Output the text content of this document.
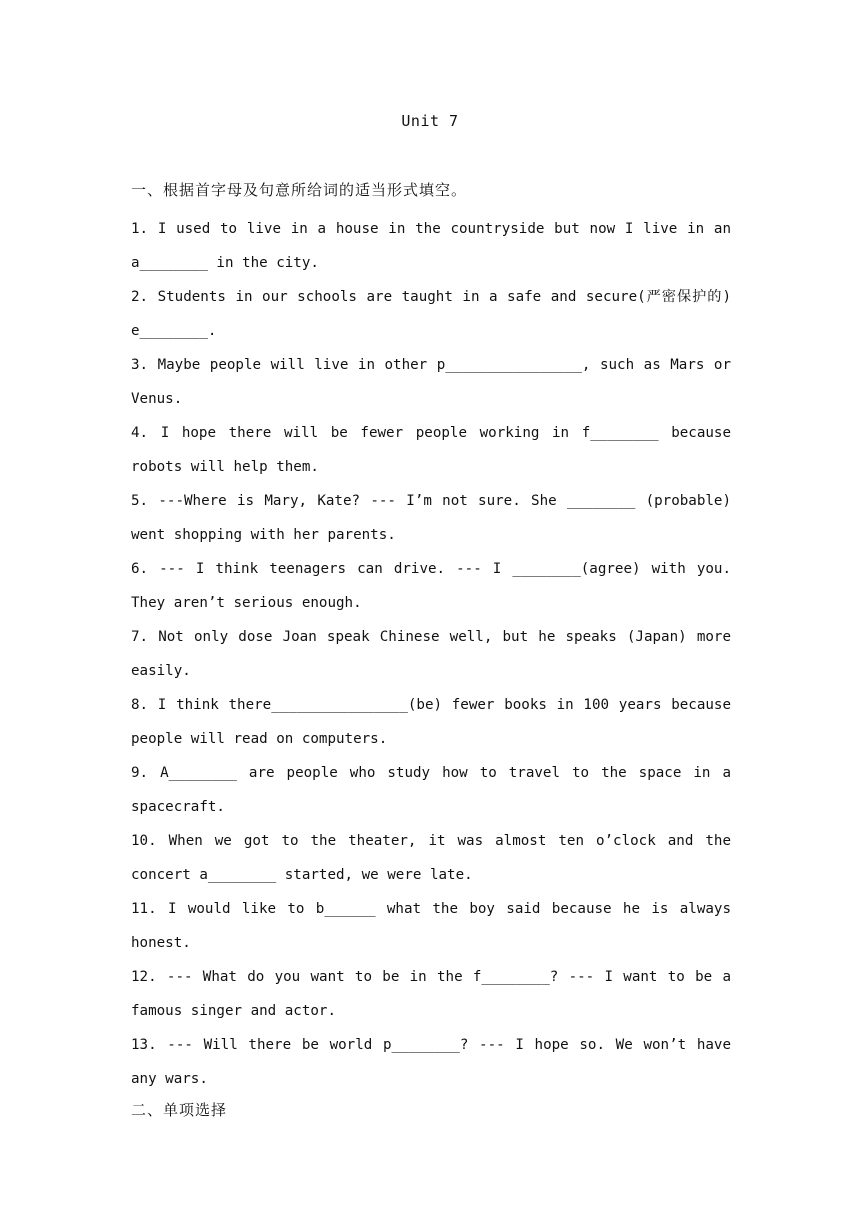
Unit 7
一、根据首字母及句意所给词的适当形式填空。
1. I used to live in a house in the countryside but now I live in an a________ in the city.
2. Students in our schools are taught in a safe and secure(严密保护的) e________.
3. Maybe people will live in other p________________, such as Mars or Venus.
4. I hope there will be fewer people working in f________ because robots will help them.
5. ---Where is Mary, Kate? --- I’m not sure. She ________ (probable) went shopping with her parents.
6. --- I think teenagers can drive. --- I ________(agree) with you. They aren’t serious enough.
7. Not only dose Joan speak Chinese well, but he speaks (Japan) more easily.
8. I think there________________(be) fewer books in 100 years because people will read on computers.
9. A________ are people who study how to travel to the space in a spacecraft.
10. When we got to the theater, it was almost ten o’clock and the concert a________ started, we were late.
11. I would like to b______ what the boy said because he is always honest.
12. --- What do you want to be in the f________? --- I want to be a famous singer and actor.
13. --- Will there be world p________? --- I hope so. We won’t have any wars.
二、单项选择
